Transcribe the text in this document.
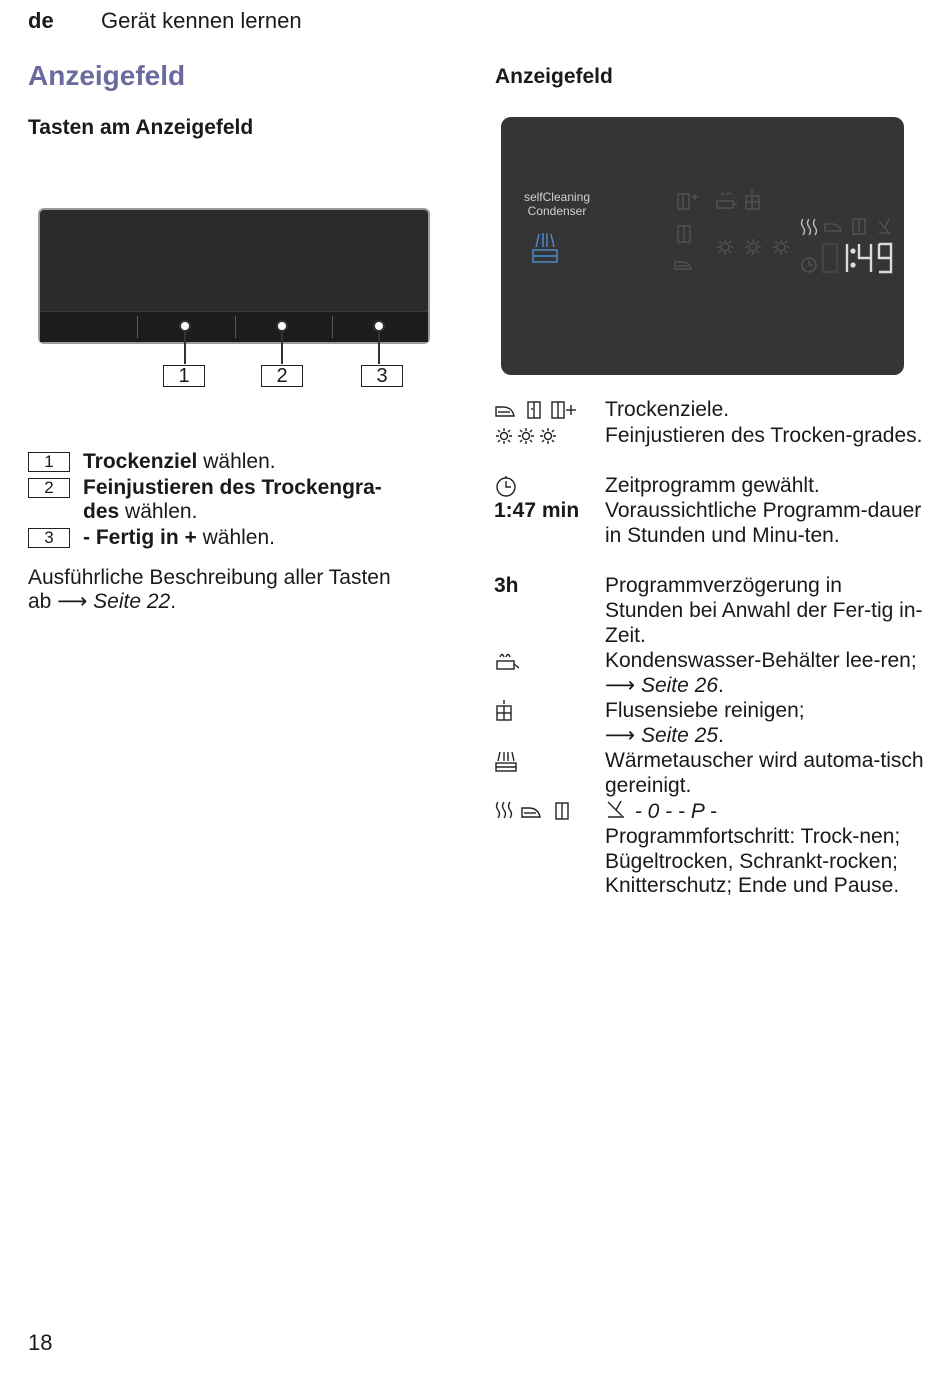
de Gerät kennen lernen
Anzeigefeld
Tasten am Anzeigefeld
1	2	3
1	Trockenziel wählen.
2	Feinjustieren des Trockengra-
des wählen.
3	- Fertig in + wählen.
Ausführliche Beschreibung aller Tasten
ab ⟶ Seite 22.
Anzeigefeld
selfCleaning
Condenser
Trockenziele.
Feinjustieren des Trocken-grades.
Zeitprogramm gewählt.
1:47 min Voraussichtliche Programm-dauer in Stunden und Minu-ten.
3h	Programmverzögerung in Stunden bei Anwahl der Fer-tig in-Zeit.
Kondenswasser-Behälter lee-ren; ⟶ Seite 26.
Flusensiebe reinigen;
⟶ Seite 25.
Wärmetauscher wird automa-tisch gereinigt.
- 0 - - P -
Programmfortschritt: Trock-nen; Bügeltrocken, Schrankt-rocken; Knitterschutz; Ende und Pause.
18
